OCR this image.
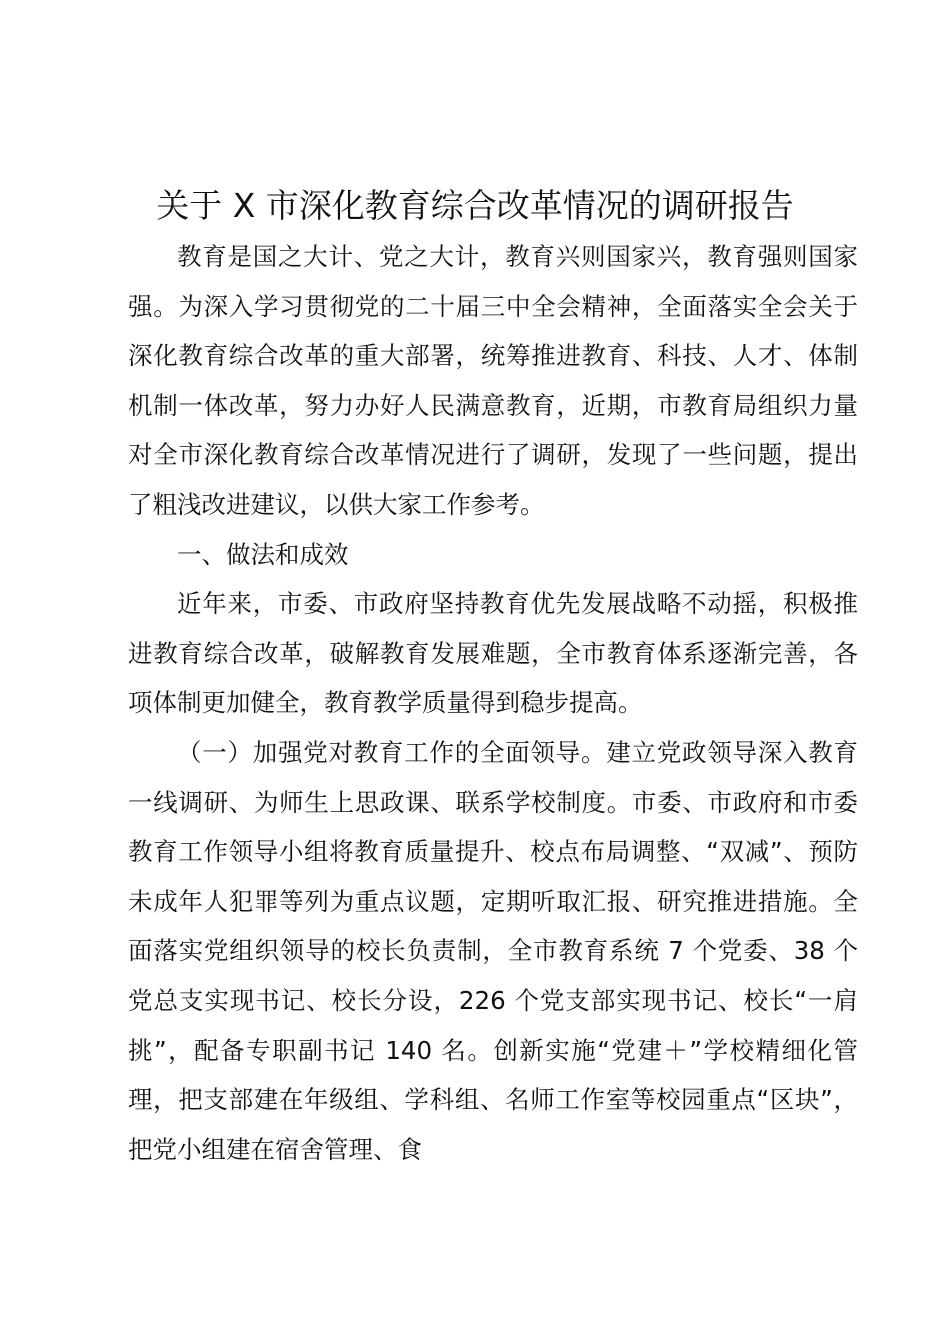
关于 X 市深化教育综合改革情况的调研报告

教育是国之大计、党之大计，教育兴则国家兴，教育强则国家强。为深入学习贯彻党的二十届三中全会精神，全面落实全会关于深化教育综合改革的重大部署，统筹推进教育、科技、人才、体制机制一体改革，努力办好人民满意教育，近期，市教育局组织力量对全市深化教育综合改革情况进行了调研，发现了一些问题，提出了粗浅改进建议，以供大家工作参考。

一、做法和成效

近年来，市委、市政府坚持教育优先发展战略不动摇，积极推进教育综合改革，破解教育发展难题，全市教育体系逐渐完善，各项体制更加健全，教育教学质量得到稳步提高。

（一）加强党对教育工作的全面领导。建立党政领导深入教育一线调研、为师生上思政课、联系学校制度。市委、市政府和市委教育工作领导小组将教育质量提升、校点布局调整、“双减”、预防未成年人犯罪等列为重点议题，定期听取汇报、研究推进措施。全面落实党组织领导的校长负责制，全市教育系统 7 个党委、38 个党总支实现书记、校长分设，226 个党支部实现书记、校长“一肩挑”，配备专职副书记 140 名。创新实施“党建＋”学校精细化管理，把支部建在年级组、学科组、名师工作室等校园重点“区块”，把党小组建在宿舍管理、食
